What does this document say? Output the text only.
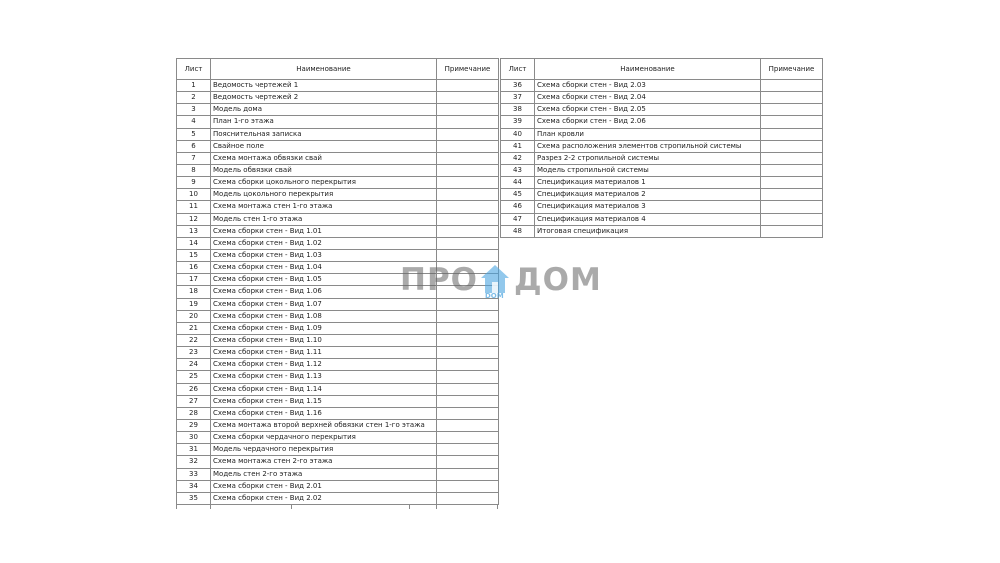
Лист	Наименование	Примечание
1	Ведомость чертежей 1	
2	Ведомость чертежей 2	
3	Модель дома	
4	План 1-го этажа	
5	Пояснительная записка	
6	Свайное поле	
7	Схема монтажа обвязки свай	
8	Модель обвязки свай	
9	Схема сборки цокольного перекрытия	
10	Модель цокольного перекрытия	
11	Схема монтажа стен 1-го этажа	
12	Модель стен 1-го этажа	
13	Схема сборки стен - Вид 1.01	
14	Схема сборки стен - Вид 1.02	
15	Схема сборки стен - Вид 1.03	
16	Схема сборки стен - Вид 1.04	
17	Схема сборки стен - Вид 1.05	
18	Схема сборки стен - Вид 1.06	
19	Схема сборки стен - Вид 1.07	
20	Схема сборки стен - Вид 1.08	
21	Схема сборки стен - Вид 1.09	
22	Схема сборки стен - Вид 1.10	
23	Схема сборки стен - Вид 1.11	
24	Схема сборки стен - Вид 1.12	
25	Схема сборки стен - Вид 1.13	
26	Схема сборки стен - Вид 1.14	
27	Схема сборки стен - Вид 1.15	
28	Схема сборки стен - Вид 1.16	
29	Схема монтажа второй верхней обвязки стен 1-го этажа	
30	Схема сборки чердачного перекрытия	
31	Модель чердачного перекрытия	
32	Схема монтажа стен 2-го этажа	
33	Модель стен 2-го этажа	
34	Схема сборки стен - Вид 2.01	
35	Схема сборки стен - Вид 2.02	
Лист	Наименование	Примечание
36	Схема сборки стен - Вид 2.03	
37	Схема сборки стен - Вид 2.04	
38	Схема сборки стен - Вид 2.05	
39	Схема сборки стен - Вид 2.06	
40	План кровли	
41	Схема расположения элементов стропильной системы	
42	Разрез 2-2 стропильной системы	
43	Модель стропильной системы	
44	Спецификация материалов 1	
45	Спецификация материалов 2	
46	Спецификация материалов 3	
47	Спецификация материалов 4	
48	Итоговая спецификация	
ПРО DOM ДОМ
